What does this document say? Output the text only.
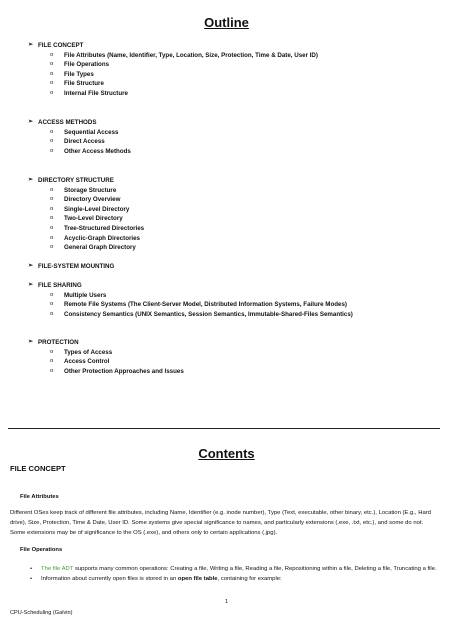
Outline
➢ FILE CONCEPT
o	File Attributes (Name, Identifier, Type, Location, Size, Protection, Time & Date, User ID)
o	File Operations
o	File Types
o	File Structure
o	Internal File Structure
➢ ACCESS METHODS
o	Sequential Access
o	Direct Access
o	Other Access Methods
➢ DIRECTORY STRUCTURE
o	Storage Structure
o	Directory Overview
o	Single-Level Directory
o	Two-Level Directory
o	Tree-Structured Directories
o	Acyclic-Graph Directories
o	General Graph Directory
➢ FILE-SYSTEM MOUNTING
➢ FILE SHARING
o	Multiple Users
o	Remote File Systems (The Client-Server Model, Distributed Information Systems, Failure Modes)
o	Consistency Semantics (UNIX Semantics, Session Semantics, Immutable-Shared-Files Semantics)
➢ PROTECTION
o	Types of Access
o	Access Control
o	Other Protection Approaches and Issues
Contents
FILE CONCEPT
File Attributes
Different OSes keep track of different file attributes, including Name, Identifier (e.g. inode number), Type (Text, executable, other binary, etc.), Location (E.g., Hard drive), Size, Protection, Time & Date, User ID. Some systems give special significance to names, and particularly extensions (.exe, .txt, etc.), and some do not. Some extensions may be of significance to the OS (.exe), and others only to certain applications (.jpg).
File Operations
• The file ADT supports many common operations: Creating a file, Writing a file, Reading a file, Repositioning within a file, Deleting a file, Truncating a file.
• Information about currently open files is stored in an open file table, containing for example:
1
CPU-Scheduling (Galvin)
